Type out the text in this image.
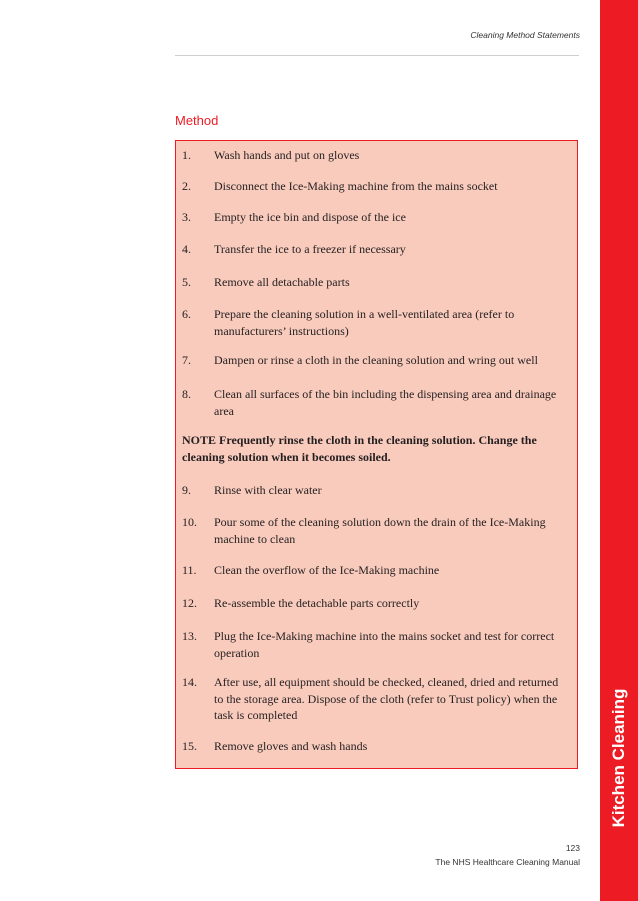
Cleaning Method Statements
Kitchen Cleaning
Method
1. Wash hands and put on gloves
2. Disconnect the Ice-Making machine from the mains socket
3. Empty the ice bin and dispose of the ice
4. Transfer the ice to a freezer if necessary
5. Remove all detachable parts
6. Prepare the cleaning solution in a well-ventilated area (refer to manufacturers’ instructions)
7. Dampen or rinse a cloth in the cleaning solution and wring out well
8. Clean all surfaces of the bin including the dispensing area and drainage area
NOTE Frequently rinse the cloth in the cleaning solution. Change the cleaning solution when it becomes soiled.
9. Rinse with clear water
10. Pour some of the cleaning solution down the drain of the Ice-Making machine to clean
11. Clean the overflow of the Ice-Making machine
12. Re-assemble the detachable parts correctly
13. Plug the Ice-Making machine into the mains socket and test for correct operation
14. After use, all equipment should be checked, cleaned, dried and returned to the storage area. Dispose of the cloth (refer to Trust policy) when the task is completed
15. Remove gloves and wash hands
123
The NHS Healthcare Cleaning Manual
